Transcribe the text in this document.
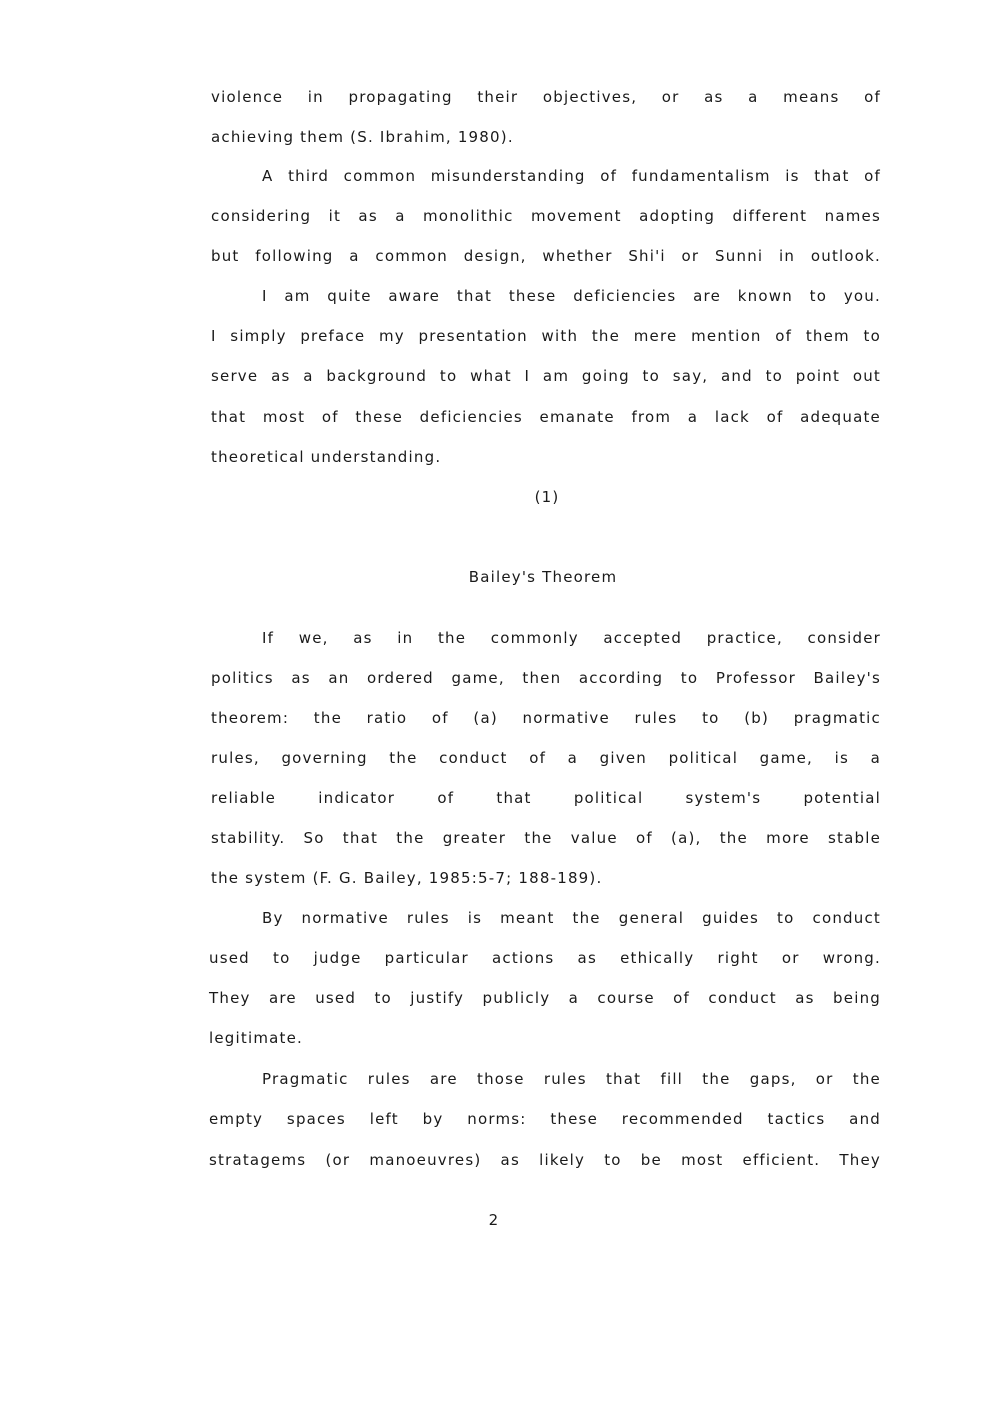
violence in propagating their objectives, or as a means of
achieving them (S. Ibrahim, 1980).
A third common misunderstanding of fundamentalism is that of
considering it as a monolithic movement adopting different names
but following a common design, whether Shi'i or Sunni in outlook.
I am quite aware that these deficiencies are known to you.
I simply preface my presentation with the mere mention of them to
serve as a background to what I am going to say, and to point out
that most of these deficiencies emanate from a lack of adequate
theoretical understanding.
(1)
Bailey's Theorem
If we, as in the commonly accepted practice, consider
politics as an ordered game, then according to Professor Bailey's
theorem: the ratio of (a) normative rules to (b) pragmatic
rules, governing the conduct of a given political game, is a
reliable indicator of that political system's potential
stability. So that the greater the value of (a), the more stable
the system (F. G. Bailey, 1985:5-7; 188-189).
By normative rules is meant the general guides to conduct
used to judge particular actions as ethically right or wrong.
They are used to justify publicly a course of conduct as being
legitimate.
Pragmatic rules are those rules that fill the gaps, or the
empty spaces left by norms: these recommended tactics and
stratagems (or manoeuvres) as likely to be most efficient. They
2
